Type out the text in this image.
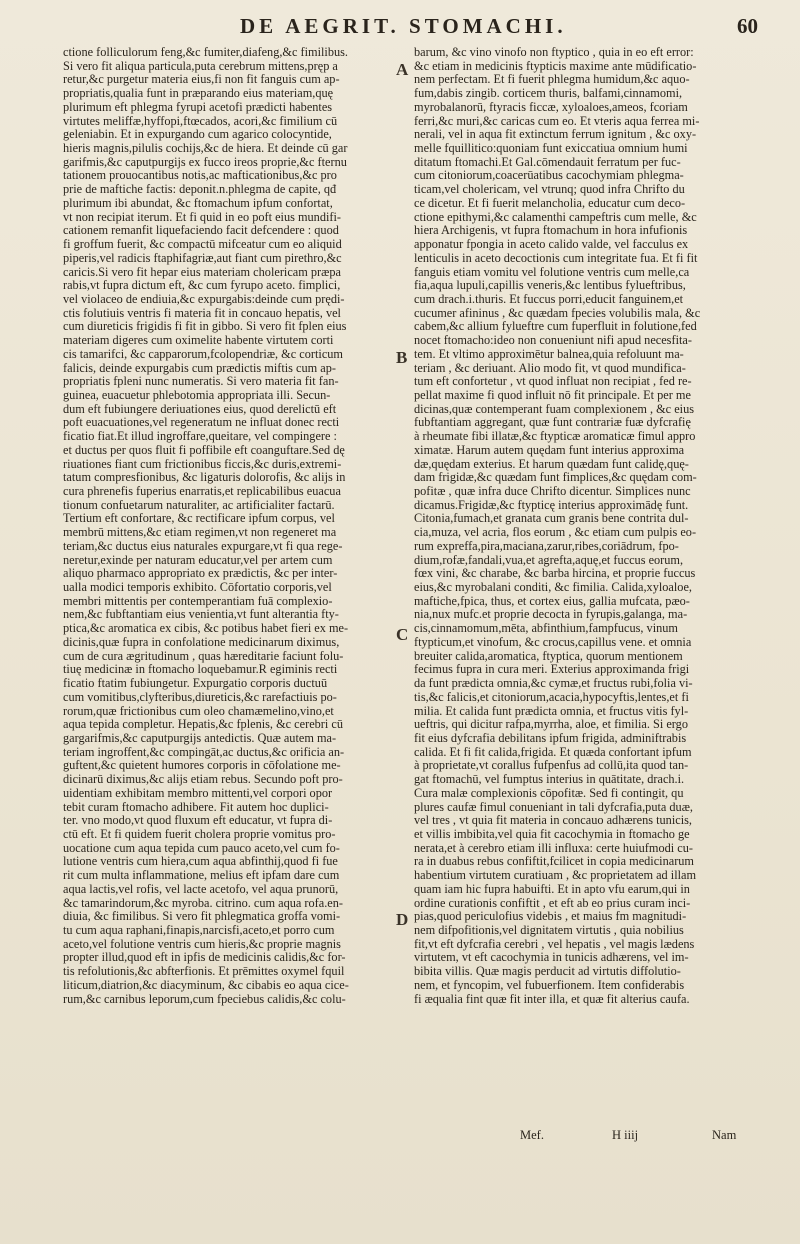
DE AEGRIT. STOMACHI.	60
A
B
C
D
ctione folliculorum feng,&c fumiter,diafeng,&c fimilibus.
Si vero fit aliqua particula,puta cerebrum mittens,pręp a
retur,&c purgetur materia eius,fi non fit fanguis cum ap-
propriatis,qualia funt in præparando eius materiam,quę
plurimum eft phlegma fyrupi acetofi prædicti habentes
virtutes meliffæ,hyffopi,ftœcados, acori,&c fimilium cū
geleniabin. Et in expurgando cum agarico colocyntide,
hieris magnis,pilulis cochijs,&c de hiera. Et deinde cū gar
garifmis,&c caputpurgijs ex fucco ireos proprie,&c fternu
tationem prouocantibus notis,ac mafticationibus,&c pro
prie de maftiche factis: deponit.n.phlegma de capite, qđ
plurimum ibi abundat, &c ftomachum ipfum confortat,
vt non recipiat iterum. Et fi quid in eo poft eius mundifi-
cationem remanfit liquefaciendo facit defcendere : quod
fi groffum fuerit, &c compactū mifceatur cum eo aliquid
piperis,vel radicis ftaphifagriæ,aut fiant cum pirethro,&c
caricis.Si vero fit hepar eius materiam cholericam præpa
rabis,vt fupra dictum eft, &c cum fyrupo aceto. fimplici,
vel violaceo de endiuia,&c expurgabis:deinde cum prędi-
ctis folutiuis ventris fi materia fit in concauo hepatis, vel
cum diureticis frigidis fi fit in gibbo. Si vero fit fplen eius
materiam digeres cum oximelite habente virtutem corti
cis tamarifci, &c capparorum,fcolopendriæ, &c corticum
falicis, deinde expurgabis cum prædictis miftis cum ap-
propriatis fpleni nunc numeratis. Si vero materia fit fan-
guinea, euacuetur phlebotomia appropriata illi. Secun-
dum eft fubiungere deriuationes eius, quod derelictū eft
poft euacuationes,vel regeneratum ne influat donec recti
ficatio fiat.Et illud ingroffare,queitare, vel compingere :
et ductus per quos fluit fi poffibile eft coanguftare.Sed dę
riuationes fiant cum frictionibus ficcis,&c duris,extremi-
tatum compresfionibus, &c ligaturis dolorofis, &c alijs in
cura phrenefis fuperius enarratis,et replicabilibus euacua
tionum confuetarum naturaliter, ac artificialiter factarū.
Tertium eft confortare, &c rectificare ipfum corpus, vel
membrū mittens,&c etiam regimen,vt non regeneret ma
teriam,&c ductus eius naturales expurgare,vt fi qua rege-
neretur,exinde per naturam educatur,vel per artem cum
aliquo pharmaco appropriato ex prædictis, &c per inter-
ualla modici temporis exhibito. Cōfortatio corporis,vel
membri mittentis per contemperantiam fuā complexio-
nem,&c fubftantiam eius venientia,vt funt alterantia fty-
ptica,&c aromatica ex cibis, &c potibus habet fieri ex me-
dicinis,quæ fupra in confolatione medicinarum diximus,
cum de cura ægritudinum , quas hæreditarie faciunt folu-
tiuę medicinæ in ftomacho loquebamur.R egiminis recti
ficatio ftatim fubiungetur. Expurgatio corporis ductuū
cum vomitibus,clyfteribus,diureticis,&c rarefactiuis po-
rorum,quæ frictionibus cum oleo chamæmelino,vino,et
aqua tepida completur. Hepatis,&c fplenis, &c cerebri cū
gargarifmis,&c caputpurgijs antedictis. Quæ autem ma-
teriam ingroffent,&c compingāt,ac ductus,&c orificia an-
guftent,&c quietent humores corporis in cōfolatione me-
dicinarū diximus,&c alijs etiam rebus. Secundo poft pro-
uidentiam exhibitam membro mittenti,vel corpori opor
tebit curam ftomacho adhibere. Fit autem hoc duplici-
ter. vno modo,vt quod fluxum eft educatur, vt fupra di-
ctū eft. Et fi quidem fuerit cholera proprie vomitus pro-
uocatione cum aqua tepida cum pauco aceto,vel cum fo-
lutione ventris cum hiera,cum aqua abfinthij,quod fi fue
rit cum multa inflammatione, melius eft ipfam dare cum
aqua lactis,vel rofis, vel lacte acetofo, vel aqua prunorū,
&c tamarindorum,&c myroba. citrino. cum aqua rofa.en-
diuia, &c fimilibus. Si vero fit phlegmatica groffa vomi-
tu cum aqua raphani,finapis,narcisfi,aceto,et porro cum
aceto,vel folutione ventris cum hieris,&c proprie magnis
propter illud,quod eft in ipfis de medicinis calidis,&c for-
tis refolutionis,&c abfterfionis. Et prēmittes oxymel fquil
liticum,diatrion,&c diacyminum, &c cibabis eo aqua cice-
rum,&c carnibus leporum,cum fpeciebus calidis,&c colu-
barum, &c vino vinofo non ftyptico , quia in eo eft error:
&c etiam in medicinis ftypticis maxime ante mūdificatio-
nem perfectam. Et fi fuerit phlegma humidum,&c aquo-
fum,dabis zingib. corticem thuris, balfami,cinnamomi,
myrobalanorū, ftyracis ficcæ, xyloaloes,ameos, fcoriam
ferri,&c muri,&c caricas cum eo. Et vteris aqua ferrea mi-
nerali, vel in aqua fit extinctum ferrum ignitum , &c oxy-
melle fquillitico:quoniam funt exiccatiua omnium humi
ditatum ftomachi.Et Gal.cōmendauit ferratum per fuc-
cum citoniorum,coacerūatibus cacochymiam phlegma-
ticam,vel cholericam, vel vtrunq; quod infra Chrifto du
ce dicetur. Et fi fuerit melancholia, educatur cum deco-
ctione epithymi,&c calamenthi campeftris cum melle, &c
hiera Archigenis, vt fupra ftomachum in hora infufionis
apponatur fpongia in aceto calido valde, vel facculus ex
lenticulis in aceto decoctionis cum integritate fua. Et fi fit
fanguis etiam vomitu vel folutione ventris cum melle,ca
fia,aqua lupuli,capillis veneris,&c lentibus fylueftribus,
cum drach.i.thuris. Et fuccus porri,educit fanguinem,et
cucumer afininus , &c quædam fpecies volubilis mala, &c
cabem,&c allium fylueftre cum fuperfluit in folutione,fed
nocet ftomacho:ideo non conueniunt nifi apud necesfita-
tem. Et vltimo approximētur balnea,quia refoluunt ma-
teriam , &c deriuant. Alio modo fit, vt quod mundifica-
tum eft confortetur , vt quod influat non recipiat , fed re-
pellat maxime fi quod influit nō fit principale. Et per me
dicinas,quæ contemperant fuam complexionem , &c eius
fubftantiam aggregant, quæ funt contrariæ fuæ dyfcrafię
à rheumate fibi illatæ,&c ftypticæ aromaticæ fimul appro
ximatæ. Harum autem quędam funt interius approxima
dæ,quędam exterius. Et harum quædam funt calidę,quę-
dam frigidæ,&c quædam funt fimplices,&c quędam com-
pofitæ , quæ infra duce Chrifto dicentur. Simplices nunc
dicamus.Frigidæ,&c ftypticę interius approximādę funt.
Citonia,fumach,et granata cum granis bene contrita dul-
cia,muza, vel acria, flos eorum , &c etiam cum pulpis eo-
rum expreffa,pira,maciana,zarur,ribes,coriādrum, fpo-
dium,rofæ,fandali,vua,et agrefta,aquę,et fuccus eorum,
fœx vini, &c charabe, &c barba hircina, et proprie fuccus
eius,&c myrobalani conditi, &c fimilia. Calida,xyloaloe,
maftiche,fpica, thus, et cortex eius, gallia mufcata, pæo-
nia,nux mufc.et proprie decocta in fyrupis,galanga, ma-
cis,cinnamomum,mēta, abfinthium,fampfucus, vinum
ftypticum,et vinofum, &c crocus,capillus vene. et omnia
breuiter calida,aromatica, ftyptica, quorum mentionem
fecimus fupra in cura meri. Exterius approximanda frigi
da funt prædicta omnia,&c cymæ,et fructus rubi,folia vi-
tis,&c falicis,et citoniorum,acacia,hypocyftis,lentes,et fi
milia. Et calida funt prædicta omnia, et fructus vitis fyl-
ueftris, qui dicitur rafpa,myrrha, aloe, et fimilia. Si ergo
fit eius dyfcrafia debilitans ipfum frigida, adminiftrabis
calida. Et fi fit calida,frigida. Et quæda confortant ipfum
à proprietate,vt corallus fufpenfus ad collū,ita quod tan-
gat ftomachū, vel fumptus interius in quātitate, drach.i.
Cura malæ complexionis cōpofitæ. Sed fi contingit, qu
plures caufæ fimul conueniant in tali dyfcrafia,puta duæ,
vel tres , vt quia fit materia in concauo adhærens tunicis,
et villis imbibita,vel quia fit cacochymia in ftomacho ge
nerata,et à cerebro etiam illi influxa: certe huiufmodi cu-
ra in duabus rebus confiftit,fcilicet in copia medicinarum
habentium virtutem curatiuam , &c proprietatem ad illam
quam iam hic fupra habuifti. Et in apto vfu earum,qui in
ordine curationis confiftit , et eft ab eo prius curam inci-
pias,quod periculofius videbis , et maius fm magnitudi-
nem difpofitionis,vel dignitatem virtutis , quia nobilius
fit,vt eft dyfcrafia cerebri , vel hepatis , vel magis lædens
virtutem, vt eft cacochymia in tunicis adhærens, vel im-
bibita villis. Quæ magis perducit ad virtutis diffolutio-
nem, et fyncopim, vel fubuerfionem. Item confiderabis
fi æqualia fint quæ fit inter illa, et quæ fit alterius caufa.
Mef.	H iiij	Nam
